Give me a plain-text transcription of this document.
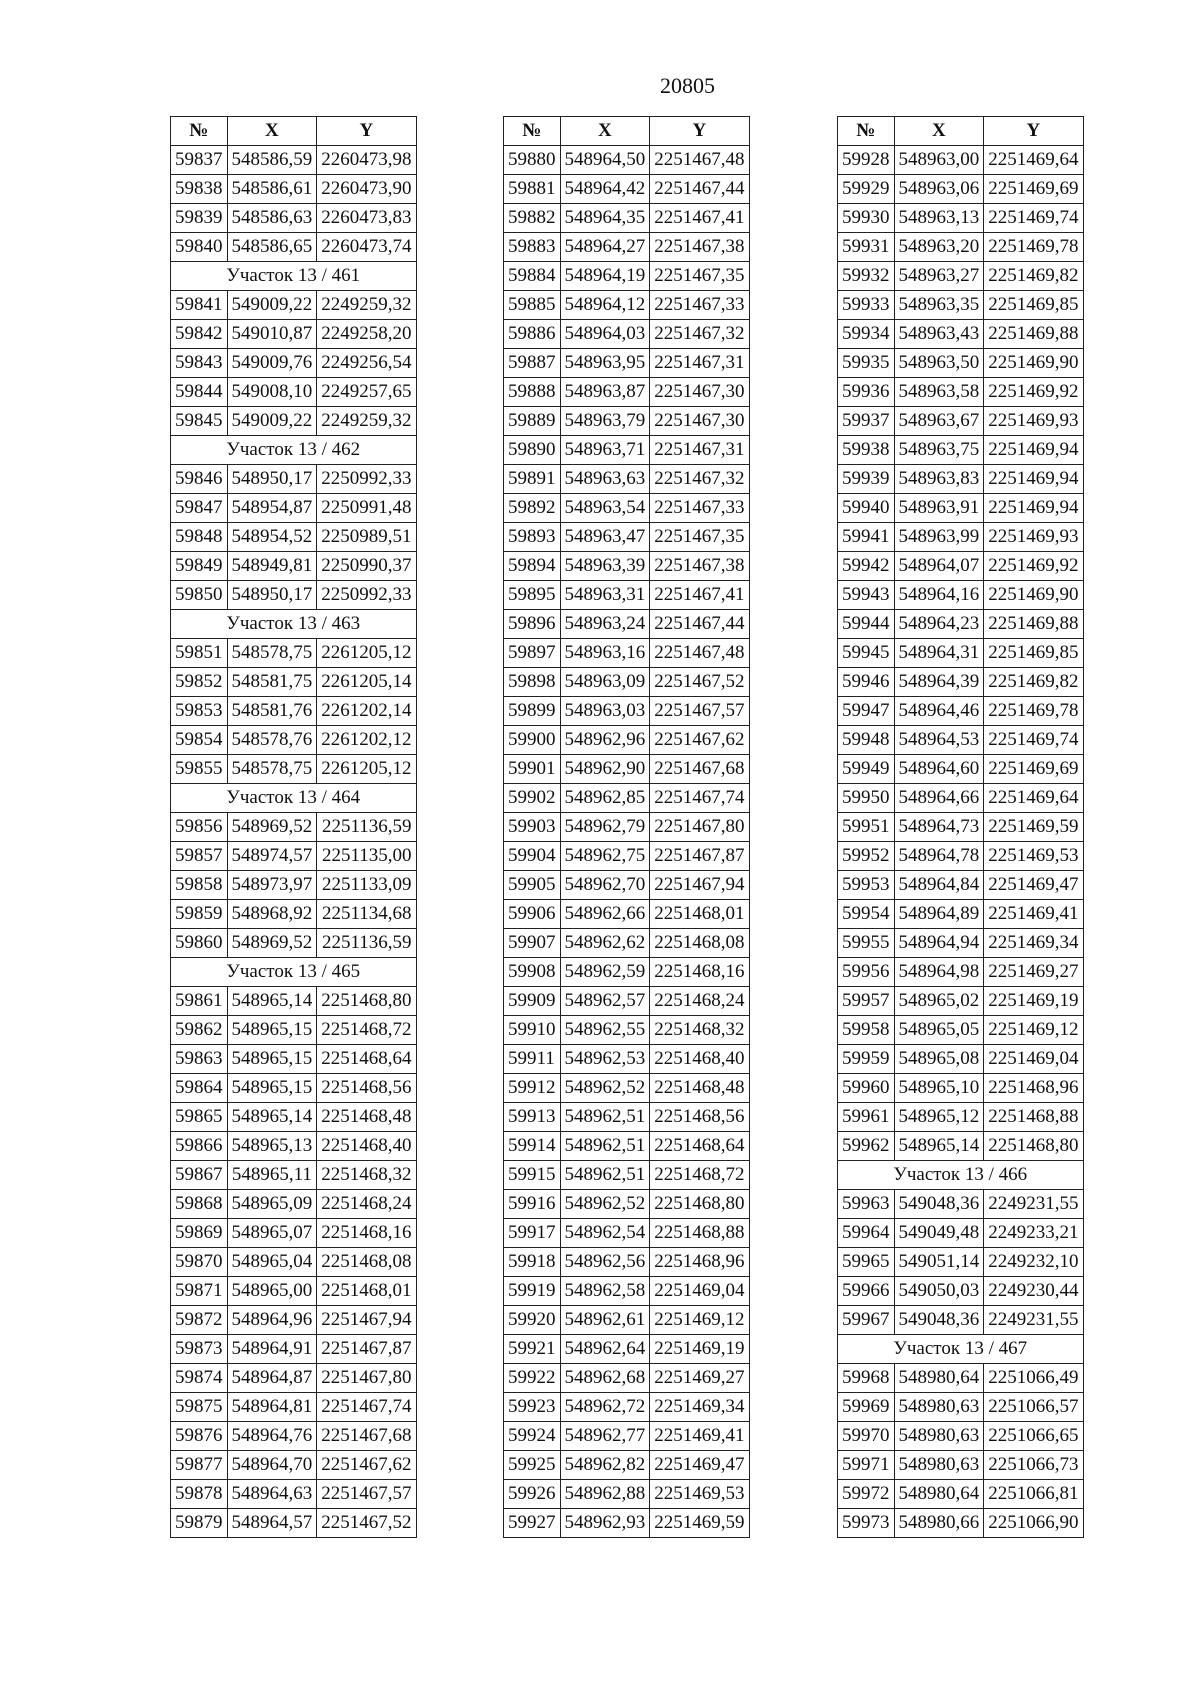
20805
№	X	Y
59837	548586,59	2260473,98
59838	548586,61	2260473,90
59839	548586,63	2260473,83
59840	548586,65	2260473,74
Участок 13 / 461		
59841	549009,22	2249259,32
59842	549010,87	2249258,20
59843	549009,76	2249256,54
59844	549008,10	2249257,65
59845	549009,22	2249259,32
Участок 13 / 462		
59846	548950,17	2250992,33
59847	548954,87	2250991,48
59848	548954,52	2250989,51
59849	548949,81	2250990,37
59850	548950,17	2250992,33
Участок 13 / 463		
59851	548578,75	2261205,12
59852	548581,75	2261205,14
59853	548581,76	2261202,14
59854	548578,76	2261202,12
59855	548578,75	2261205,12
Участок 13 / 464		
59856	548969,52	2251136,59
59857	548974,57	2251135,00
59858	548973,97	2251133,09
59859	548968,92	2251134,68
59860	548969,52	2251136,59
Участок 13 / 465		
59861	548965,14	2251468,80
59862	548965,15	2251468,72
59863	548965,15	2251468,64
59864	548965,15	2251468,56
59865	548965,14	2251468,48
59866	548965,13	2251468,40
59867	548965,11	2251468,32
59868	548965,09	2251468,24
59869	548965,07	2251468,16
59870	548965,04	2251468,08
59871	548965,00	2251468,01
59872	548964,96	2251467,94
59873	548964,91	2251467,87
59874	548964,87	2251467,80
59875	548964,81	2251467,74
59876	548964,76	2251467,68
59877	548964,70	2251467,62
59878	548964,63	2251467,57
59879	548964,57	2251467,52
№	X	Y
59880	548964,50	2251467,48
59881	548964,42	2251467,44
59882	548964,35	2251467,41
59883	548964,27	2251467,38
59884	548964,19	2251467,35
59885	548964,12	2251467,33
59886	548964,03	2251467,32
59887	548963,95	2251467,31
59888	548963,87	2251467,30
59889	548963,79	2251467,30
59890	548963,71	2251467,31
59891	548963,63	2251467,32
59892	548963,54	2251467,33
59893	548963,47	2251467,35
59894	548963,39	2251467,38
59895	548963,31	2251467,41
59896	548963,24	2251467,44
59897	548963,16	2251467,48
59898	548963,09	2251467,52
59899	548963,03	2251467,57
59900	548962,96	2251467,62
59901	548962,90	2251467,68
59902	548962,85	2251467,74
59903	548962,79	2251467,80
59904	548962,75	2251467,87
59905	548962,70	2251467,94
59906	548962,66	2251468,01
59907	548962,62	2251468,08
59908	548962,59	2251468,16
59909	548962,57	2251468,24
59910	548962,55	2251468,32
59911	548962,53	2251468,40
59912	548962,52	2251468,48
59913	548962,51	2251468,56
59914	548962,51	2251468,64
59915	548962,51	2251468,72
59916	548962,52	2251468,80
59917	548962,54	2251468,88
59918	548962,56	2251468,96
59919	548962,58	2251469,04
59920	548962,61	2251469,12
59921	548962,64	2251469,19
59922	548962,68	2251469,27
59923	548962,72	2251469,34
59924	548962,77	2251469,41
59925	548962,82	2251469,47
59926	548962,88	2251469,53
59927	548962,93	2251469,59
№	X	Y
59928	548963,00	2251469,64
59929	548963,06	2251469,69
59930	548963,13	2251469,74
59931	548963,20	2251469,78
59932	548963,27	2251469,82
59933	548963,35	2251469,85
59934	548963,43	2251469,88
59935	548963,50	2251469,90
59936	548963,58	2251469,92
59937	548963,67	2251469,93
59938	548963,75	2251469,94
59939	548963,83	2251469,94
59940	548963,91	2251469,94
59941	548963,99	2251469,93
59942	548964,07	2251469,92
59943	548964,16	2251469,90
59944	548964,23	2251469,88
59945	548964,31	2251469,85
59946	548964,39	2251469,82
59947	548964,46	2251469,78
59948	548964,53	2251469,74
59949	548964,60	2251469,69
59950	548964,66	2251469,64
59951	548964,73	2251469,59
59952	548964,78	2251469,53
59953	548964,84	2251469,47
59954	548964,89	2251469,41
59955	548964,94	2251469,34
59956	548964,98	2251469,27
59957	548965,02	2251469,19
59958	548965,05	2251469,12
59959	548965,08	2251469,04
59960	548965,10	2251468,96
59961	548965,12	2251468,88
59962	548965,14	2251468,80
Участок 13 / 466		
59963	549048,36	2249231,55
59964	549049,48	2249233,21
59965	549051,14	2249232,10
59966	549050,03	2249230,44
59967	549048,36	2249231,55
Участок 13 / 467		
59968	548980,64	2251066,49
59969	548980,63	2251066,57
59970	548980,63	2251066,65
59971	548980,63	2251066,73
59972	548980,64	2251066,81
59973	548980,66	2251066,90
